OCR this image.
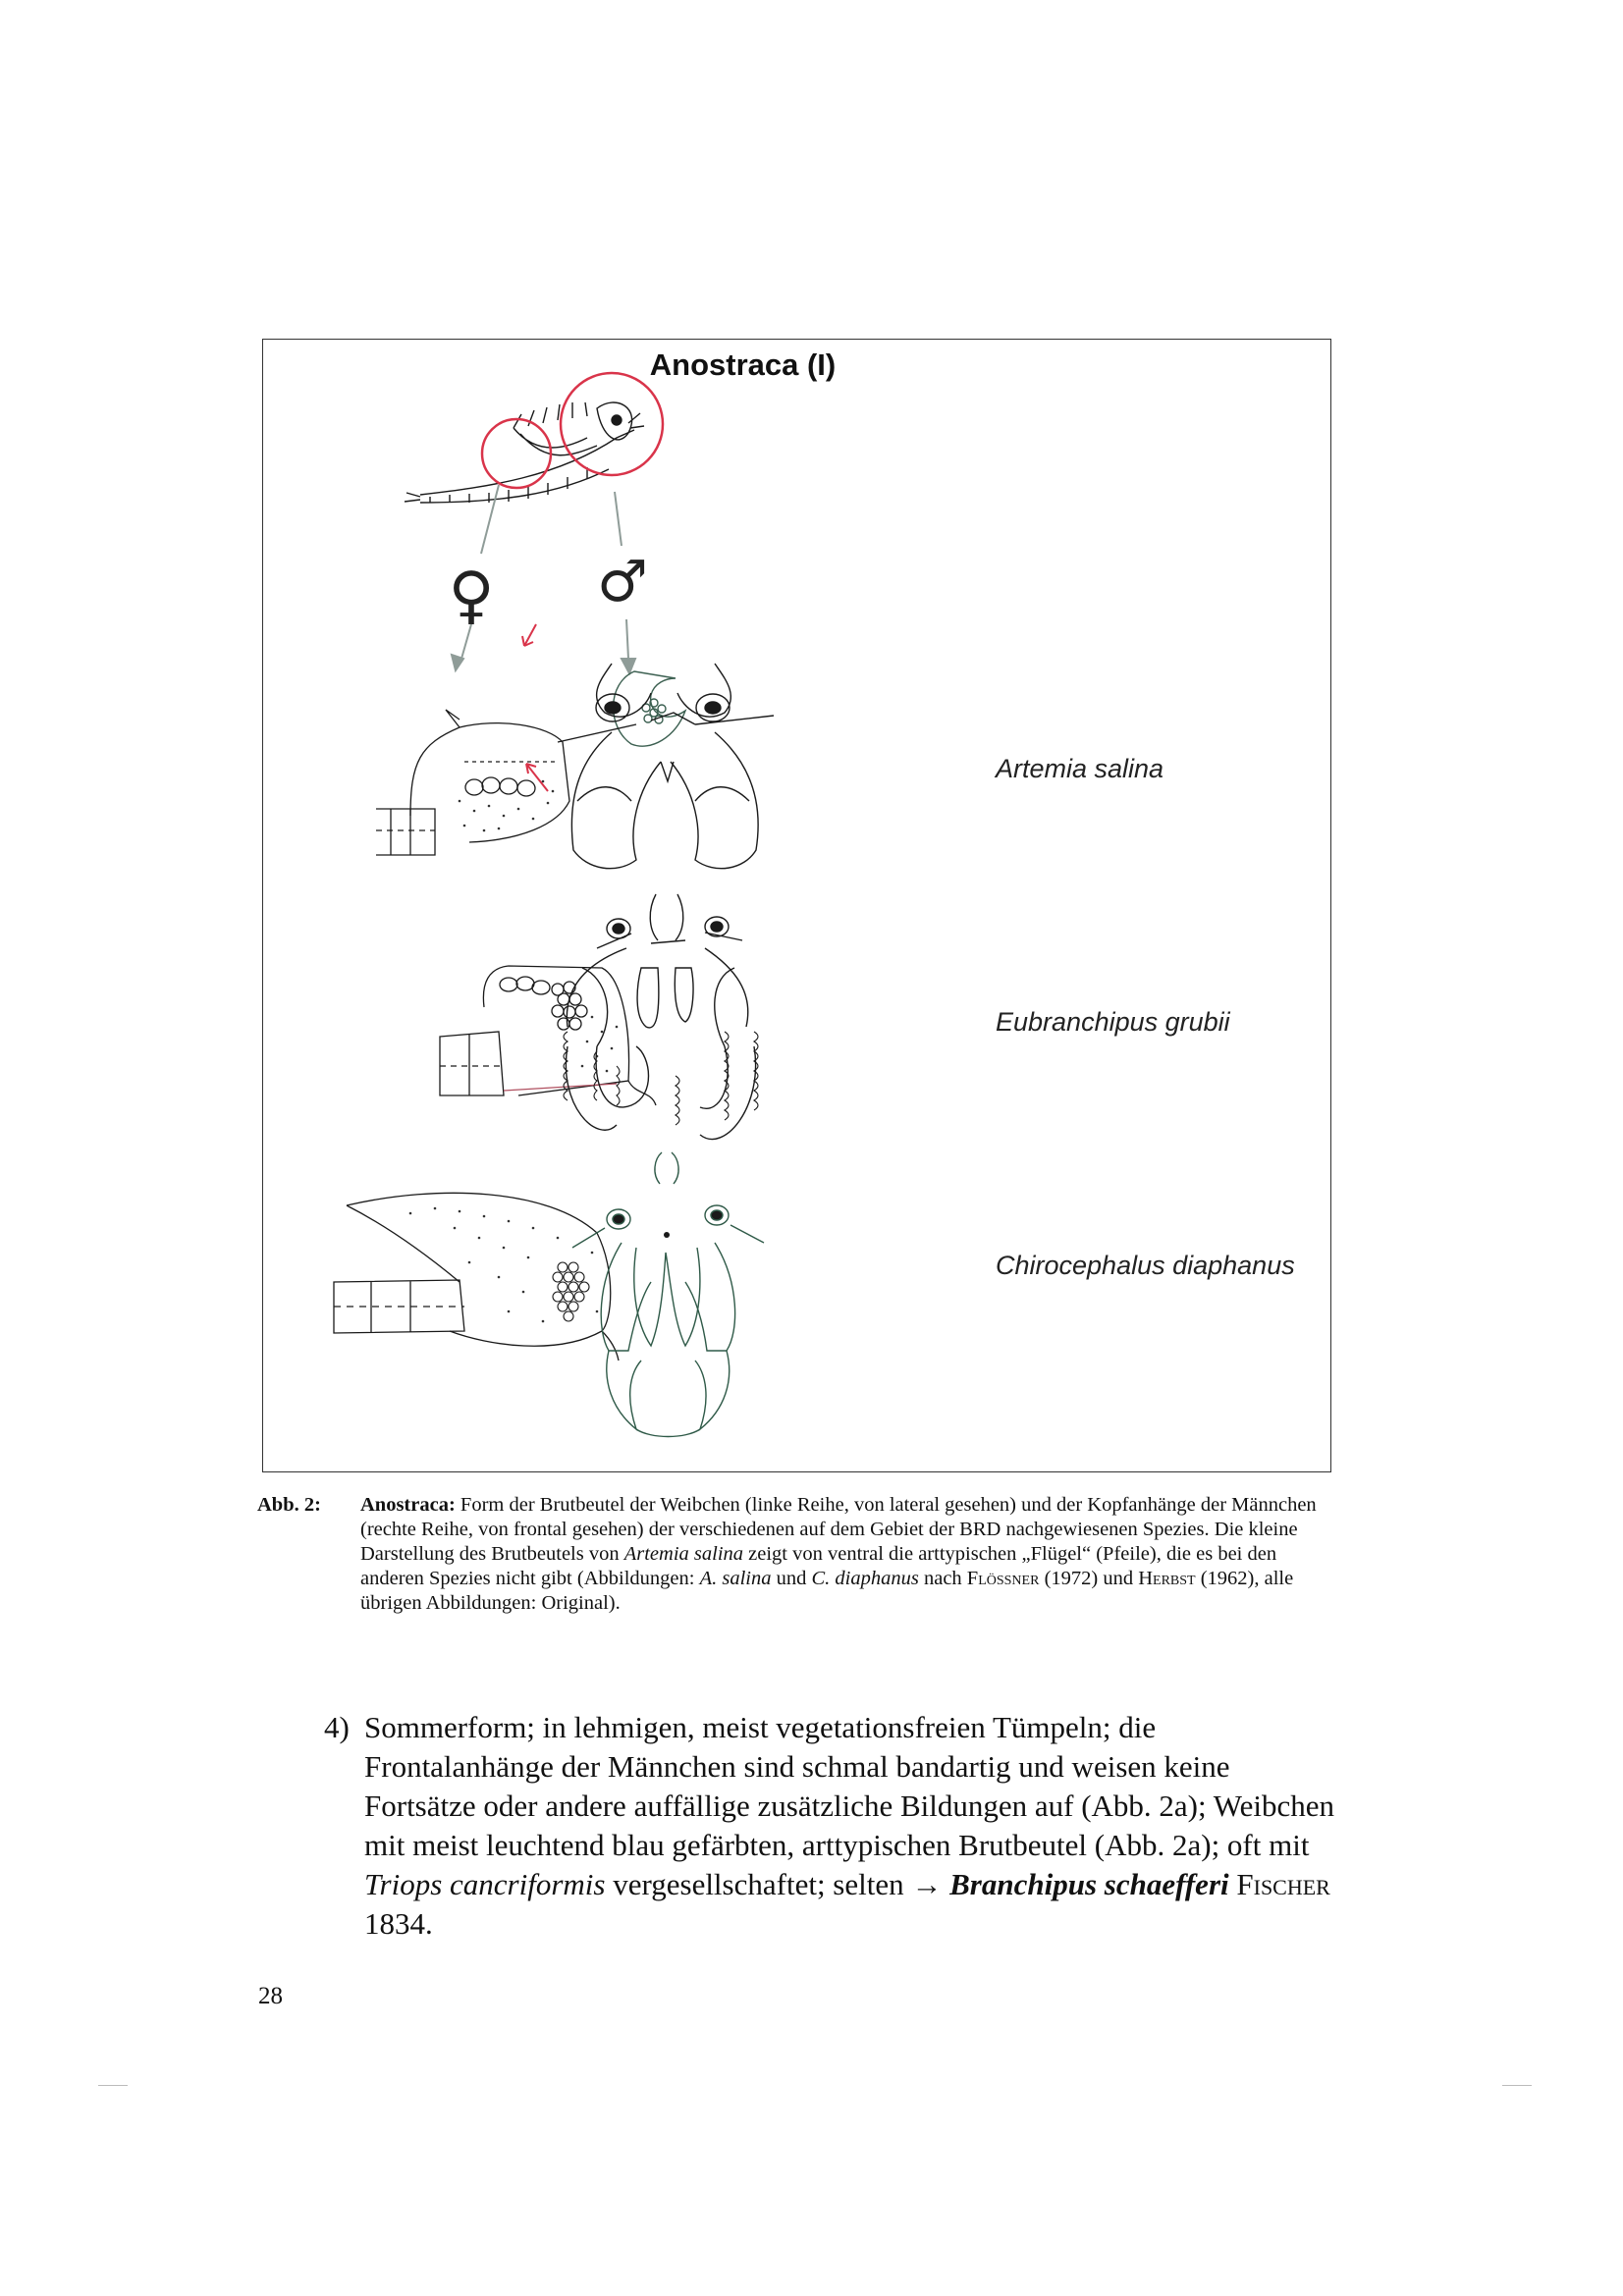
Anostraca (I)
♀ ♂
Artemia salina
Eubranchipus grubii
Chirocephalus diaphanus
Abb. 2: Anostraca: Form der Brutbeutel der Weibchen (linke Reihe, von lateral gesehen) und der Kopfanhänge der Männchen (rechte Reihe, von frontal gesehen) der verschiedenen auf dem Gebiet der BRD nachgewiesenen Spezies. Die kleine Darstellung des Brutbeutels von Artemia salina zeigt von ventral die arttypischen „Flügel“ (Pfeile), die es bei den anderen Spezies nicht gibt (Abbildungen: A. salina und C. diaphanus nach Flössner (1972) und Herbst (1962), alle übrigen Abbildungen: Original).
4) Sommerform; in lehmigen, meist vegetationsfreien Tümpeln; die Frontalanhänge der Männchen sind schmal bandartig und weisen keine Fortsätze oder andere auffällige zusätzliche Bildungen auf (Abb. 2a); Weibchen mit meist leuchtend blau gefärbten, arttypischen Brutbeutel (Abb. 2a); oft mit Triops cancriformis vergesellschaftet; selten → Branchipus schaefferi Fischer 1834.
28
